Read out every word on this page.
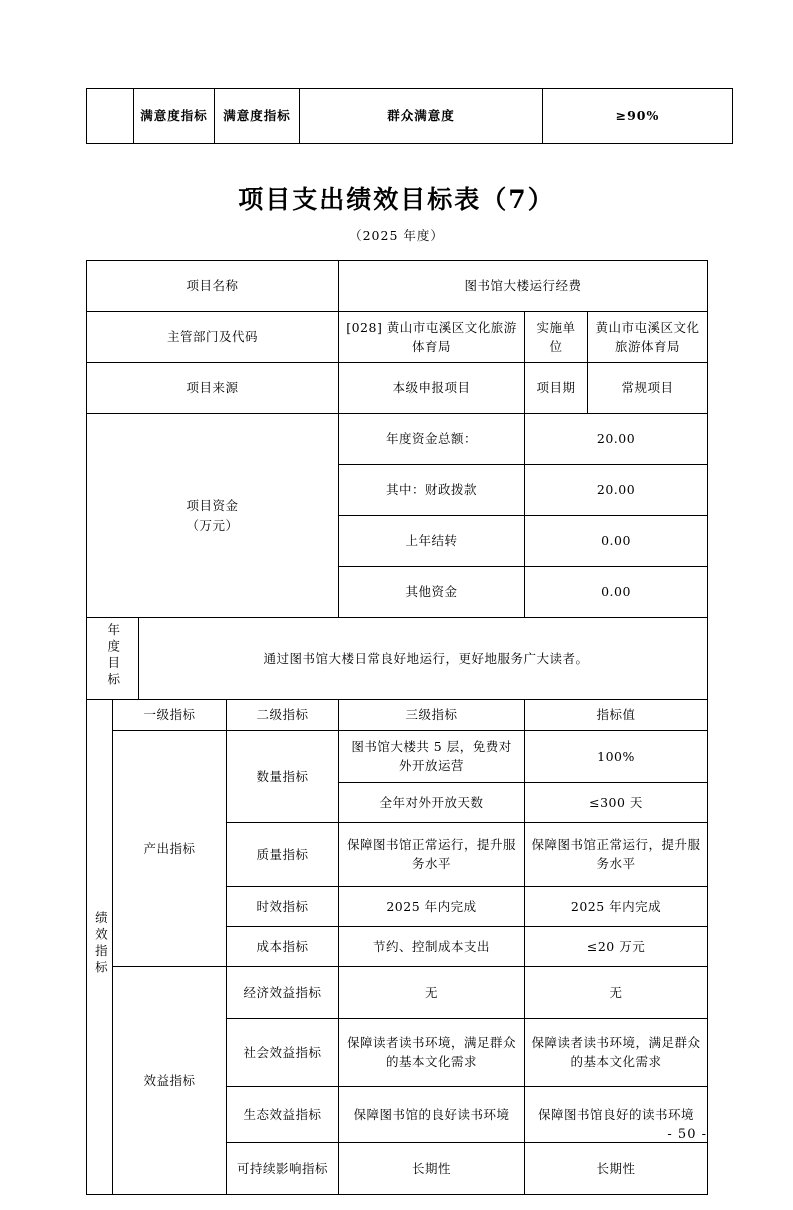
	满意度指标	满意度指标	群众满意度	≥90%
项目支出绩效目标表（7）
（2025 年度）
项目名称				图书馆大楼运行经费		
主管部门及代码				[028] 黄山市屯溪区文化旅游体育局	实施单位	黄山市屯溪区文化旅游体育局
项目来源				本级申报项目	项目期	常规项目

项目资金
（万元）				年度资金总额：	20.00	
				其中：财政拨款	20.00	
				上年结转	0.00	
				其他资金	0.00	
年度目标		通过图书馆大楼日常良好地运行，更好地服务广大读者。				
绩效指标	一级指标		二级指标	三级指标	指标值	
	产出指标		数量指标	图书馆大楼共 5 层，免费对外开放运营	100%	
				全年对外开放天数	≤300 天	
			质量指标	保障图书馆正常运行，提升服务水平	保障图书馆正常运行，提升服务水平	
			时效指标	2025 年内完成	2025 年内完成	
			成本指标	节约、控制成本支出	≤20 万元	
	效益指标		经济效益指标	无	无	
			社会效益指标	保障读者读书环境，满足群众的基本文化需求	保障读者读书环境，满足群众的基本文化需求	
			生态效益指标	保障图书馆的良好读书环境	保障图书馆良好的读书环境	
			可持续影响指标	长期性	长期性	
- 50 -
